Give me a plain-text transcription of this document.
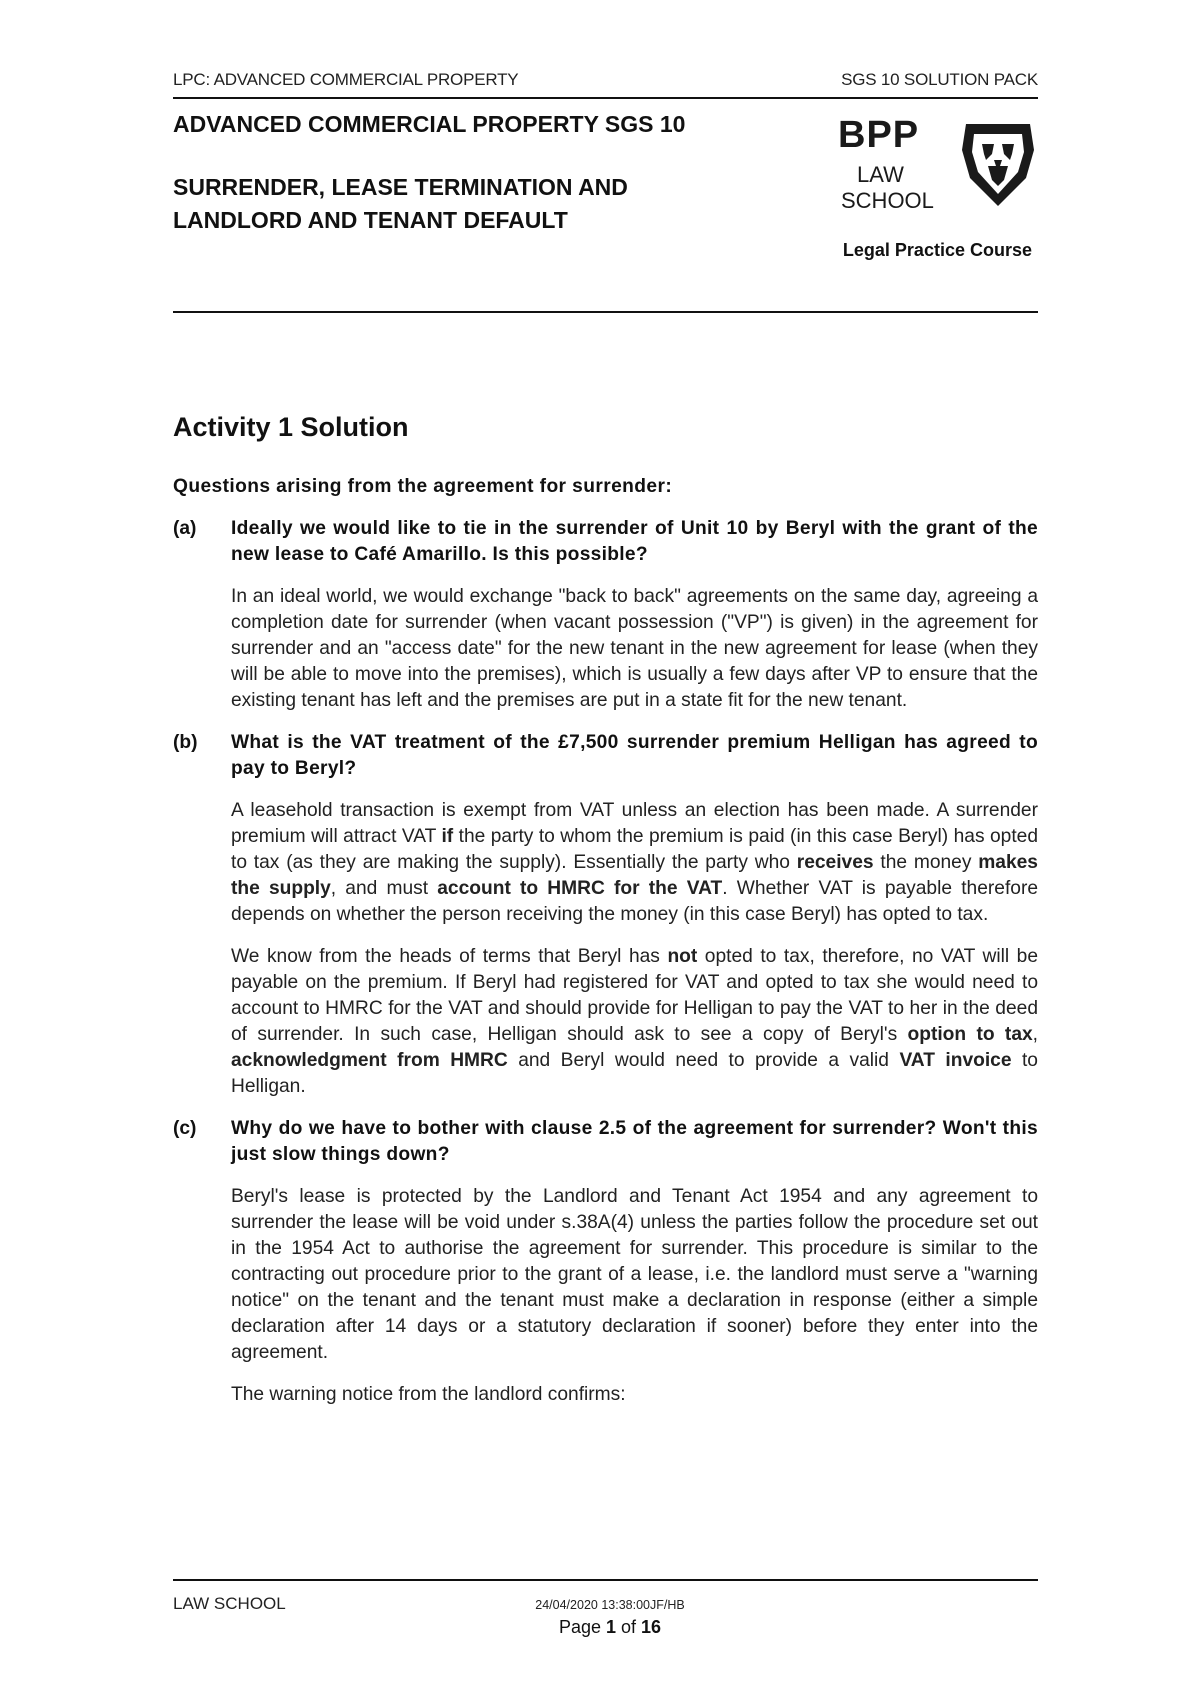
LPC: ADVANCED COMMERCIAL PROPERTY	SGS 10 SOLUTION PACK
ADVANCED COMMERCIAL PROPERTY SGS 10
SURRENDER, LEASE TERMINATION AND
LANDLORD AND TENANT DEFAULT
BPP
LAW
SCHOOL
Legal Practice Course
Activity 1 Solution

Questions arising from the agreement for surrender:

(a)	Ideally we would like to tie in the surrender of Unit 10 by Beryl with the grant of the new lease to Café Amarillo. Is this possible?

In an ideal world, we would exchange "back to back" agreements on the same day, agreeing a completion date for surrender (when vacant possession ("VP") is given) in the agreement for surrender and an "access date" for the new tenant in the new agreement for lease (when they will be able to move into the premises), which is usually a few days after VP to ensure that the existing tenant has left and the premises are put in a state fit for the new tenant.

(b)	What is the VAT treatment of the £7,500 surrender premium Helligan has agreed to pay to Beryl?

A leasehold transaction is exempt from VAT unless an election has been made. A surrender premium will attract VAT if the party to whom the premium is paid (in this case Beryl) has opted to tax (as they are making the supply). Essentially the party who receives the money makes the supply, and must account to HMRC for the VAT. Whether VAT is payable therefore depends on whether the person receiving the money (in this case Beryl) has opted to tax.

We know from the heads of terms that Beryl has not opted to tax, therefore, no VAT will be payable on the premium. If Beryl had registered for VAT and opted to tax she would need to account to HMRC for the VAT and should provide for Helligan to pay the VAT to her in the deed of surrender. In such case, Helligan should ask to see a copy of Beryl's option to tax, acknowledgment from HMRC and Beryl would need to provide a valid VAT invoice to Helligan.

(c)	Why do we have to bother with clause 2.5 of the agreement for surrender? Won't this just slow things down?

Beryl's lease is protected by the Landlord and Tenant Act 1954 and any agreement to surrender the lease will be void under s.38A(4) unless the parties follow the procedure set out in the 1954 Act to authorise the agreement for surrender. This procedure is similar to the contracting out procedure prior to the grant of a lease, i.e. the landlord must serve a "warning notice" on the tenant and the tenant must make a declaration in response (either a simple declaration after 14 days or a statutory declaration if sooner) before they enter into the agreement.

The warning notice from the landlord confirms:

LAW SCHOOL	24/04/2020 13:38:00JF/HB
Page 1 of 16
